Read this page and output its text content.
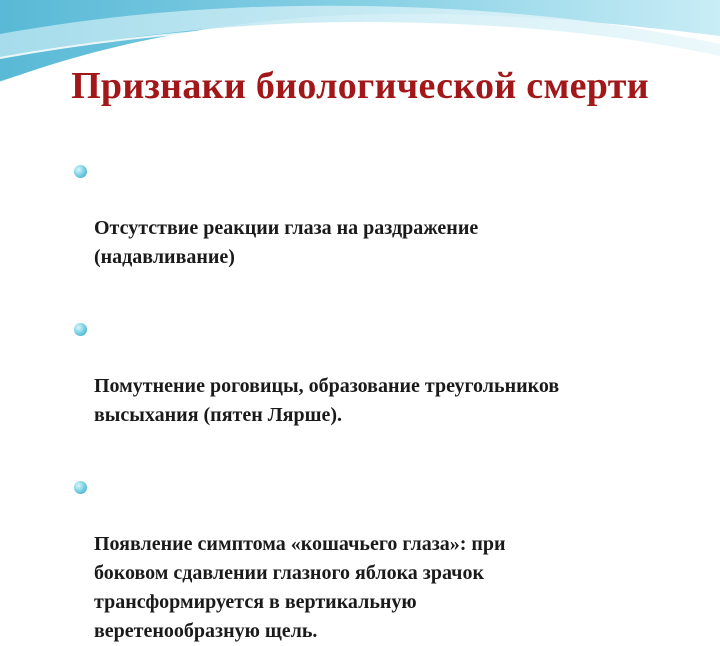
Признаки биологической смерти

Отсутствие реакции глаза на раздражение
(надавливание)

Помутнение роговицы, образование треугольников
высыхания (пятен Лярше).

Появление симптома «кошачьего глаза»: при
боковом сдавлении глазного яблока зрачок
трансформируется в вертикальную
веретенообразную щель.
